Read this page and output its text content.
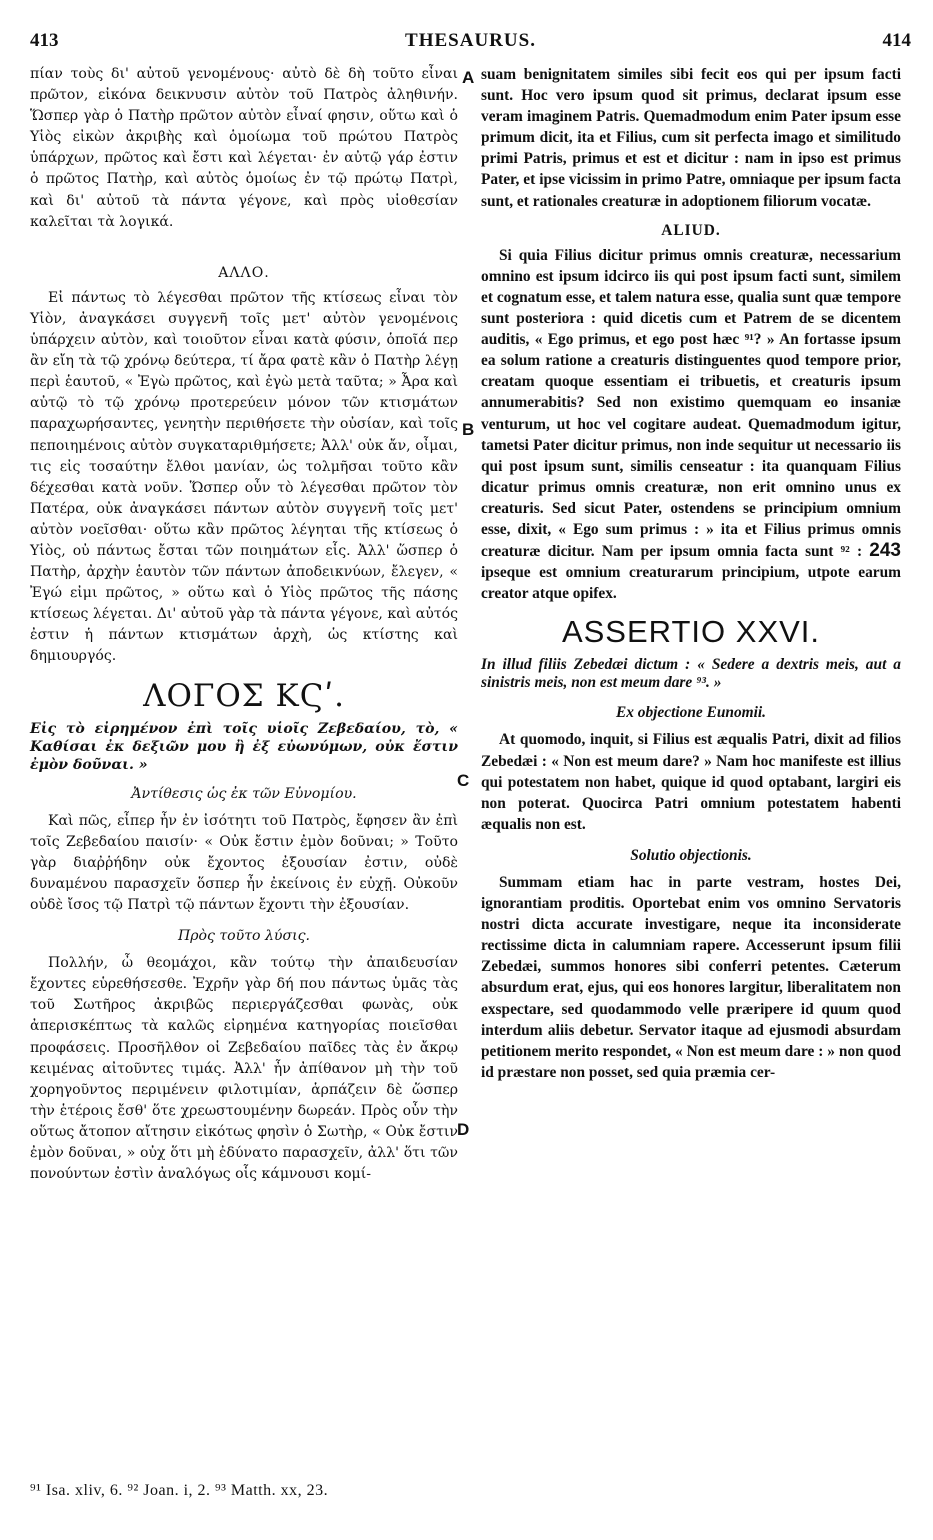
413	THESAURUS.	414

πίαν τοὺς δι' αὐτοῦ γενομένους· αὐτὸ δὲ δὴ τοῦτο εἶναι πρῶτον, εἰκόνα δεικνυσιν αὐτὸν τοῦ Πατρὸς ἀληθινήν. Ὥσπερ γὰρ ὁ Πατὴρ πρῶτον αὐτὸν εἶναί φησιν, οὕτω καὶ ὁ Υἱὸς εἰκὼν ἀκριβὴς καὶ ὁμοίωμα τοῦ πρώτου Πατρὸς ὑπάρχων, πρῶτος καὶ ἔστι καὶ λέγεται· ἐν αὐτῷ γάρ ἐστιν ὁ πρῶτος Πατὴρ, καὶ αὐτὸς ὁμοίως ἐν τῷ πρώτῳ Πατρὶ, καὶ δι' αὐτοῦ τὰ πάντα γέγονε, καὶ πρὸς υἱοθεσίαν καλεῖται τὰ λογικά.

ΑΛΛΟ.

Εἰ πάντως τὸ λέγεσθαι πρῶτον τῆς κτίσεως εἶναι τὸν Υἱὸν, ἀναγκάσει συγγενῆ τοῖς μετ' αὐτὸν γενομένοις ὑπάρχειν αὐτὸν, καὶ τοιοῦτον εἶναι κατὰ φύσιν, ὁποῖά περ ἂν εἴη τὰ τῷ χρόνῳ δεύτερα, τί ἄρα φατὲ κἂν ὁ Πατὴρ λέγῃ περὶ ἑαυτοῦ, « Ἐγὼ πρῶτος, καὶ ἐγὼ μετὰ ταῦτα; » Ἆρα καὶ αὐτῷ τὸ τῷ χρόνῳ προτερεύειν μόνον τῶν κτισμάτων παραχωρήσαντες, γενητὴν περιθήσετε τὴν οὐσίαν, καὶ τοῖς πεποιημένοις αὐτὸν συγκαταριθμήσετε; Ἀλλ' οὐκ ἄν, οἶμαι, τις εἰς τοσαύτην ἔλθοι μανίαν, ὡς τολμῆσαι τοῦτο κἂν δέχεσθαι κατὰ νοῦν. Ὥσπερ οὖν τὸ λέγεσθαι πρῶτον τὸν Πατέρα, οὐκ ἀναγκάσει πάντων αὐτὸν συγγενῆ τοῖς μετ' αὐτὸν νοεῖσθαι· οὕτω κἂν πρῶτος λέγηται τῆς κτίσεως ὁ Υἱὸς, οὐ πάντως ἔσται τῶν ποιημάτων εἷς. Ἀλλ' ὥσπερ ὁ Πατὴρ, ἀρχὴν ἑαυτὸν τῶν πάντων ἀποδεικνύων, ἔλεγεν, « Ἐγώ εἰμι πρῶτος, » οὕτω καὶ ὁ Υἱὸς πρῶτος τῆς πάσης κτίσεως λέγεται. Δι' αὐτοῦ γὰρ τὰ πάντα γέγονε, καὶ αὐτός ἐστιν ἡ πάντων κτισμάτων ἀρχὴ, ὡς κτίστης καὶ δημιουργός.

ΛΟΓΟΣ ΚϚʹ.

Εἰς τὸ εἰρημένον ἐπὶ τοῖς υἱοῖς Ζεβεδαίου, τὸ, « Καθίσαι ἐκ δεξιῶν μου ἢ ἐξ εὐωνύμων, οὐκ ἔστιν ἐμὸν δοῦναι. »

Ἀντίθεσις ὡς ἐκ τῶν Εὐνομίου.

Καὶ πῶς, εἶπερ ἦν ἐν ἰσότητι τοῦ Πατρὸς, ἔφησεν ἂν ἐπὶ τοῖς Ζεβεδαίου παισίν· « Οὐκ ἔστιν ἐμὸν δοῦναι; » Τοῦτο γὰρ διαῤῥήδην οὐκ ἔχοντος ἐξουσίαν ἐστιν, οὐδὲ δυναμένου παρασχεῖν ὅσπερ ἦν ἐκείνοις ἐν εὐχῇ. Οὐκοῦν οὐδὲ ἴσος τῷ Πατρὶ τῷ πάντων ἔχοντι τὴν ἐξουσίαν.

Πρὸς τοῦτο λύσις.

Πολλήν, ὦ θεομάχοι, κἂν τούτῳ τὴν ἀπαιδευσίαν ἔχοντες εὑρεθήσεσθε. Ἐχρῆν γὰρ δή που πάντως ὑμᾶς τὰς τοῦ Σωτῆρος ἀκριβῶς περιεργάζεσθαι φωνὰς, οὐκ ἀπερισκέπτως τὰ καλῶς εἰρημένα κατηγορίας ποιεῖσθαι προφάσεις. Προσῆλθον οἱ Ζεβεδαίου παῖδες τὰς ἐν ἄκρῳ κειμένας αἰτοῦντες τιμάς. Ἀλλ' ἦν ἀπίθανον μὴ τὴν τοῦ χορηγοῦντος περιμένειν φιλοτιμίαν, ἁρπάζειν δὲ ὥσπερ τὴν ἑτέροις ἔσθ' ὅτε χρεωστουμένην δωρεάν. Πρὸς οὖν τὴν οὕτως ἄτοπον αἴτησιν εἰκότως φησὶν ὁ Σωτὴρ, « Οὐκ ἔστιν ἐμὸν δοῦναι, » οὐχ ὅτι μὴ ἐδύνατο παρασχεῖν, ἀλλ' ὅτι τῶν πονούντων ἐστὶν ἀναλόγως οἷς κάμνουσι κομί-

A
B
C
D

suam benignitatem similes sibi fecit eos qui per ipsum facti sunt. Hoc vero ipsum quod sit primus, declarat ipsum esse veram imaginem Patris. Quemadmodum enim Pater ipsum esse primum dicit, ita et Filius, cum sit perfecta imago et similitudo primi Patris, primus et est et dicitur : nam in ipso est primus Pater, et ipse vicissim in primo Patre, omniaque per ipsum facta sunt, et rationales creaturæ in adoptionem filiorum vocatæ.

ALIUD.

Si quia Filius dicitur primus omnis creaturæ, necessarium omnino est ipsum idcirco iis qui post ipsum facti sunt, similem et cognatum esse, et talem natura esse, qualia sunt quæ tempore sunt posteriora : quid dicetis cum et Patrem de se dicentem auditis, « Ego primus, et ego post hæc ⁹¹? » An fortasse ipsum ea solum ratione a creaturis distinguentes quod tempore prior, creatam quoque essentiam ei tribuetis, et creaturis ipsum annumerabitis? Sed non existimo quemquam eo insaniæ venturum, ut hoc vel cogitare audeat. Quemadmodum igitur, tametsi Pater dicitur primus, non inde sequitur ut necessario iis qui post ipsum sunt, similis censeatur : ita quanquam Filius dicatur primus omnis creaturæ, non erit omnino unus ex creaturis. Sed sicut Pater, ostendens se principium omnium esse, dixit, « Ego sum primus : » ita et Filius primus omnis creaturæ dicitur. Nam per ipsum omnia facta sunt ⁹² : 243 ipseque est omnium creaturarum principium, utpote earum creator atque opifex.

ASSERTIO XXVI.

In illud filiis Zebedæi dictum : « Sedere a dextris meis, aut a sinistris meis, non est meum dare ⁹³. »

Ex objectione Eunomii.

At quomodo, inquit, si Filius est æqualis Patri, dixit ad filios Zebedæi : « Non est meum dare? » Nam hoc manifeste est illius qui potestatem non habet, quique id quod optabant, largiri eis non poterat. Quocirca Patri omnium potestatem habenti æqualis non est.

Solutio objectionis.

Summam etiam hac in parte vestram, hostes Dei, ignorantiam proditis. Oportebat enim vos omnino Servatoris nostri dicta accurate investigare, neque ita inconsiderate rectissime dicta in calumniam rapere. Accesserunt ipsum filii Zebedæi, summos honores sibi conferri petentes. Cæterum absurdum erat, ejus, qui eos honores largitur, liberalitatem non exspectare, sed quodammodo velle præripere id quum quod interdum aliis debetur. Servator itaque ad ejusmodi absurdam petitionem merito respondet, « Non est meum dare : » non quod id præstare non posset, sed quia præmia cer-

⁹¹ Isa. xliv, 6. ⁹² Joan. i, 2. ⁹³ Matth. xx, 23.
